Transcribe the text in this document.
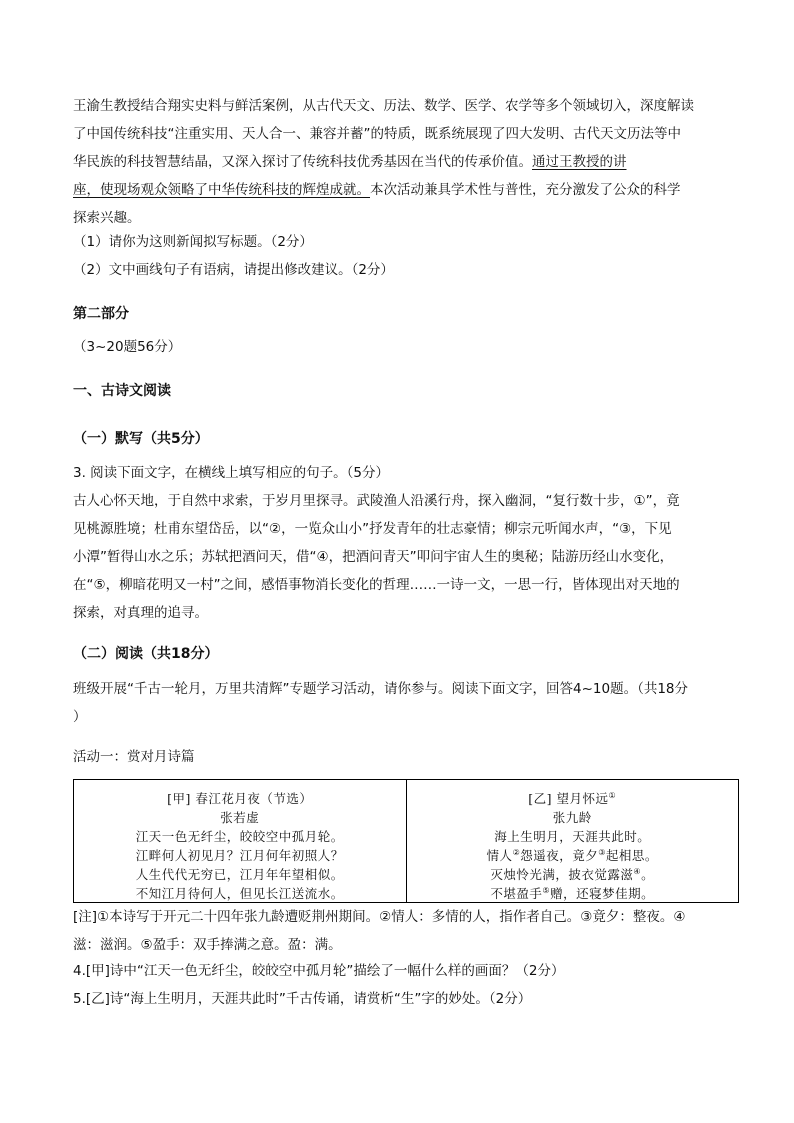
王渝生教授结合翔实史料与鲜活案例，从古代天文、历法、数学、医学、农学等多个领域切入，深度解读
了中国传统科技“注重实用、天人合一、兼容并蓄”的特质，既系统展现了四大发明、古代天文历法等中
华民族的科技智慧结晶，又深入探讨了传统科技优秀基因在当代的传承价值。通过王教授的讲
座，使现场观众领略了中华传统科技的辉煌成就。本次活动兼具学术性与普性，充分激发了公众的科学
探索兴趣。
（1）请你为这则新闻拟写标题。（2分）
（2）文中画线句子有语病，请提出修改建议。（2分）
第二部分
（3~20题56分）
一、古诗文阅读
（一）默写（共5分）
3. 阅读下面文字，在横线上填写相应的句子。（5分）
古人心怀天地，于自然中求索，于岁月里探寻。武陵渔人沿溪行舟，探入幽洞，“复行数十步，①”，竟
见桃源胜境；杜甫东望岱岳，以“②，一览众山小”抒发青年的壮志豪情；柳宗元听闻水声，“③，下见
小潭”暂得山水之乐；苏轼把酒问天，借“④，把酒问青天”叩问宇宙人生的奥秘；陆游历经山水变化，
在“⑤，柳暗花明又一村”之间，感悟事物消长变化的哲理……一诗一文，一思一行，皆体现出对天地的
探索，对真理的追寻。
（二）阅读（共18分）
班级开展“千古一轮月，万里共清辉”专题学习活动，请你参与。阅读下面文字，回答4~10题。（共18分
）
活动一：赏对月诗篇
[甲] 春江花月夜（节选）
张若虚
江天一色无纤尘，皎皎空中孤月轮。
江畔何人初见月？江月何年初照人？
人生代代无穷已，江月年年望相似。
不知江月待何人，但见长江送流水。
[乙] 望月怀远①
张九龄
海上生明月，天涯共此时。
情人②怨遥夜，竟夕③起相思。
灭烛怜光满，披衣觉露滋④。
不堪盈手⑤赠，还寝梦佳期。
[注]①本诗写于开元二十四年张九龄遭贬荆州期间。②情人：多情的人，指作者自己。③竟夕：整夜。④
滋：滋润。⑤盈手：双手捧满之意。盈：满。
4.[甲]诗中“江天一色无纤尘，皎皎空中孤月轮”描绘了一幅什么样的画面？（2分）
5.[乙]诗“海上生明月，天涯共此时”千古传诵，请赏析“生”字的妙处。（2分）
